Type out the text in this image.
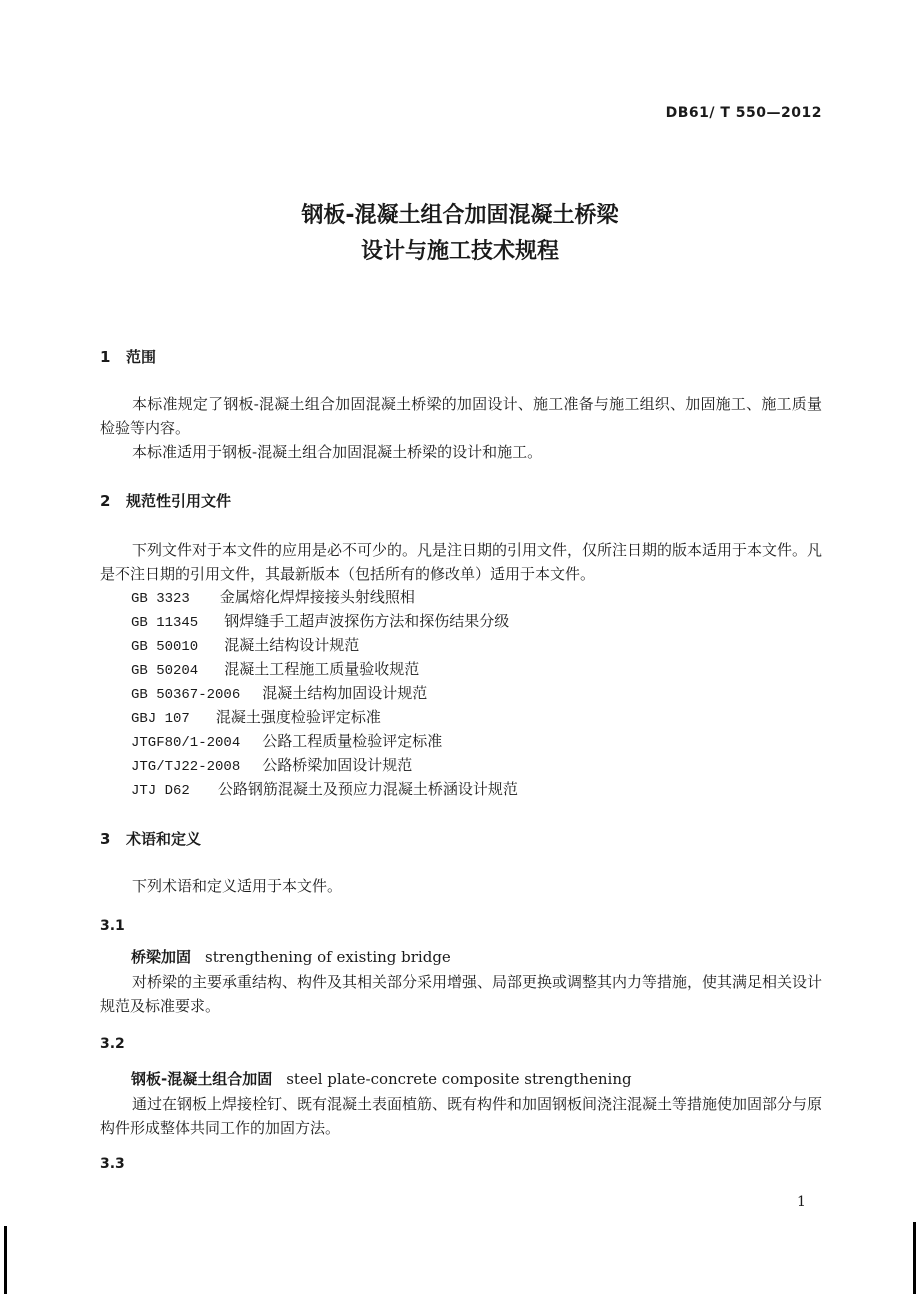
DB61/ T 550—2012
钢板-混凝土组合加固混凝土桥梁
设计与施工技术规程
1 范围
本标准规定了钢板-混凝土组合加固混凝土桥梁的加固设计、施工准备与施工组织、加固施工、施工质量检验等内容。
本标准适用于钢板-混凝土组合加固混凝土桥梁的设计和施工。
2 规范性引用文件
下列文件对于本文件的应用是必不可少的。凡是注日期的引用文件，仅所注日期的版本适用于本文件。凡是不注日期的引用文件，其最新版本（包括所有的修改单）适用于本文件。
GB 3323 金属熔化焊焊接接头射线照相
GB 11345 钢焊缝手工超声波探伤方法和探伤结果分级
GB 50010 混凝土结构设计规范
GB 50204 混凝土工程施工质量验收规范
GB 50367-2006 混凝土结构加固设计规范
GBJ 107 混凝土强度检验评定标准
JTGF80/1-2004 公路工程质量检验评定标准
JTG/TJ22-2008 公路桥梁加固设计规范
JTJ D62 公路钢筋混凝土及预应力混凝土桥涵设计规范
3 术语和定义
下列术语和定义适用于本文件。
3.1
桥梁加固 strengthening of existing bridge
对桥梁的主要承重结构、构件及其相关部分采用增强、局部更换或调整其内力等措施，使其满足相关设计规范及标准要求。
3.2
钢板-混凝土组合加固 steel plate-concrete composite strengthening
通过在钢板上焊接栓钉、既有混凝土表面植筋、既有构件和加固钢板间浇注混凝土等措施使加固部分与原构件形成整体共同工作的加固方法。
3.3
1
